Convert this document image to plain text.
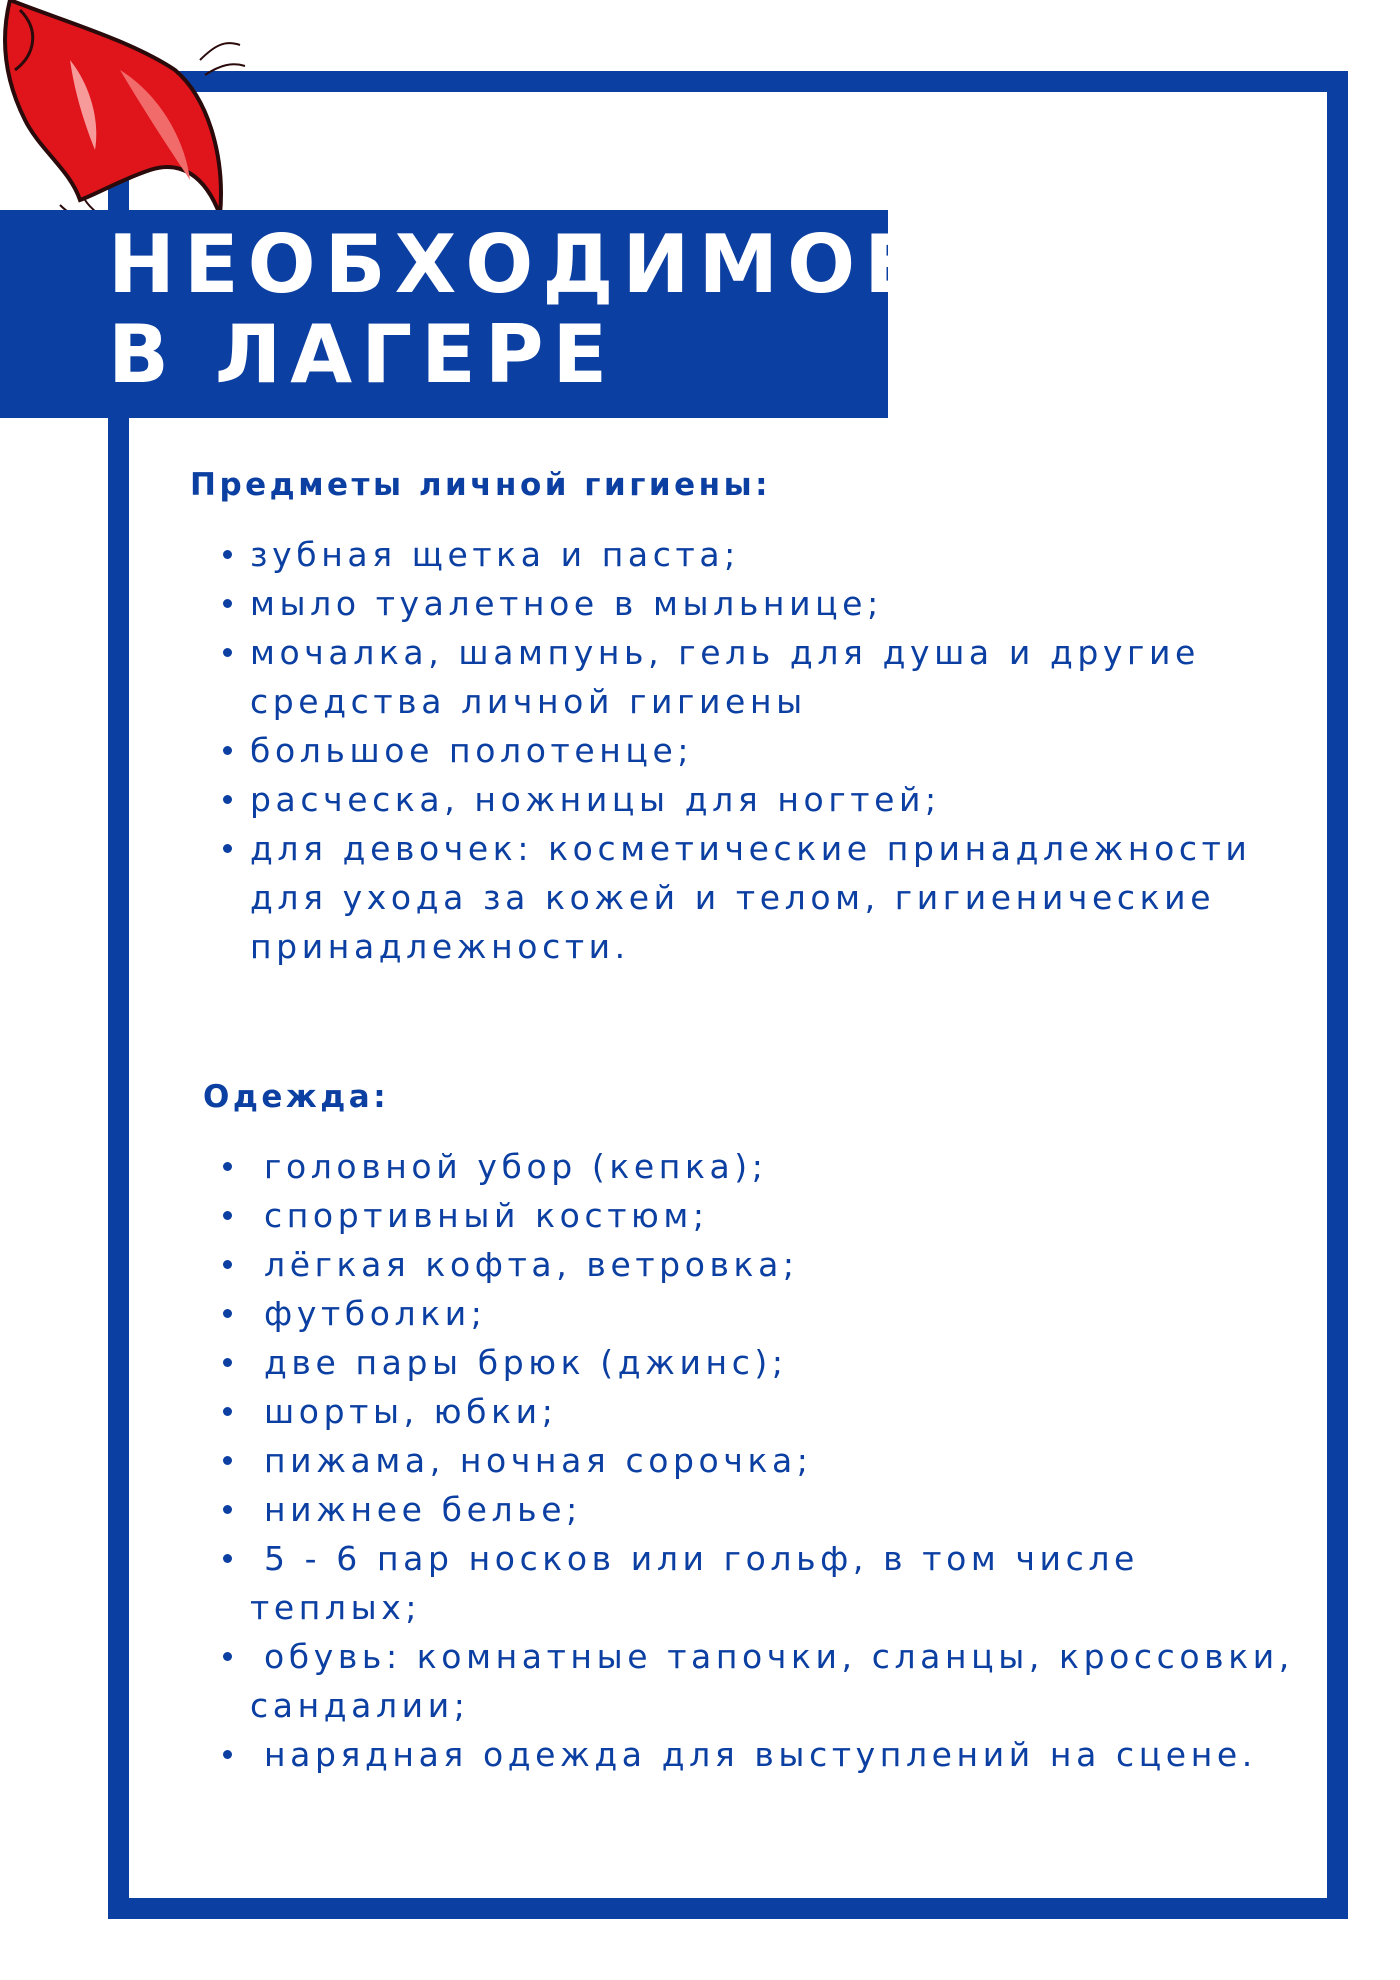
НЕОБХОДИМОЕ
В ЛАГЕРЕ
Предметы личной гигиены:
зубная щетка и паста;
мыло туалетное в мыльнице;
мочалка, шампунь, гель для душа и другие средства личной гигиены
большое полотенце;
расческа, ножницы для ногтей;
для девочек: косметические принадлежности для ухода за кожей и телом, гигиенические принадлежности.
Одежда:
головной убор (кепка);
спортивный костюм;
лёгкая кофта, ветровка;
футболки;
две пары брюк (джинс);
шорты, юбки;
пижама, ночная сорочка;
нижнее белье;
5 - 6 пар носков или гольф, в том числе теплых;
обувь: комнатные тапочки, сланцы, кроссовки, сандалии;
нарядная одежда для выступлений на сцене.
